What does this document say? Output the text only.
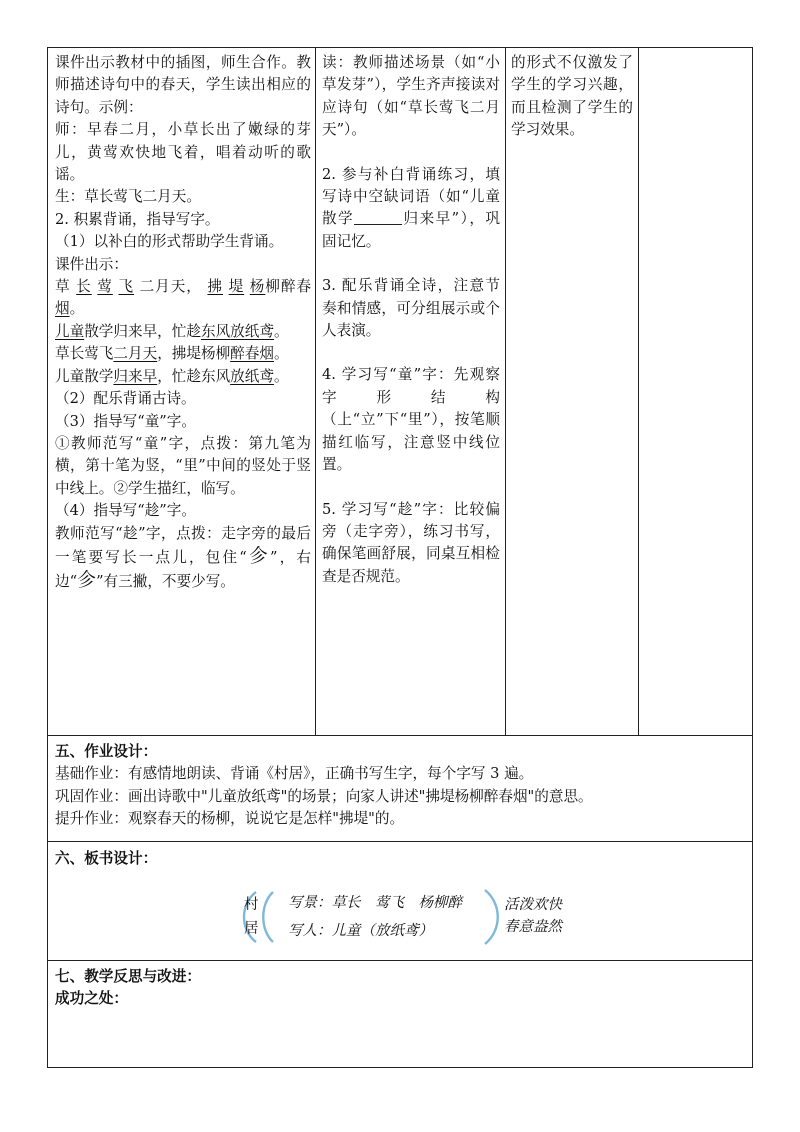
课件出示教材中的插图，师生合作。教师描述诗句中的春天，学生读出相应的诗句。示例：

师：早春二月，小草长出了嫩绿的芽儿，黄莺欢快地飞着，唱着动听的歌谣。

生：草长莺飞二月天。

2. 积累背诵，指导写字。

（1）以补白的形式帮助学生背诵。

课件出示：

草 长 莺 飞 二月天， 拂 堤 杨柳醉春 烟。

儿童散学归来早，忙趁东风放纸鸢。

草长莺飞二月天，拂堤杨柳醉春烟。

儿童散学归来早，忙趁东风放纸鸢。

（2）配乐背诵古诗。

（3）指导写“童”字。

①教师范写“童”字，点拨：第九笔为横，第十笔为竖，“里”中间的竖处于竖中线上。②学生描红，临写。

（4）指导写“趁”字。

教师范写“趁”字，点拨：走字旁的最后一笔要写长一点儿，包住“㐱”，右边“㐱”有三撇，不要少写。

读：教师描述场景（如“小草发芽”），学生齐声接读对应诗句（如“草长莺飞二月天”）。

2. 参与补白背诵练习，填写诗中空缺词语（如“儿童散学	归来早”），巩固记忆。

3. 配乐背诵全诗，注意节奏和情感，可分组展示或个人表演。

4. 学习写“童”字：先观察字形结构（上“立”下“里”），按笔顺描红临写，注意竖中线位置。

5. 学习写“趁”字：比较偏旁（走字旁），练习书写，确保笔画舒展，同桌互相检查是否规范。

的形式不仅激发了学生的学习兴趣，而且检测了学生的学习效果。

五、作业设计：

基础作业：有感情地朗读、背诵《村居》，正确书写生字，每个字写 3 遍。

巩固作业：画出诗歌中"儿童放纸鸢"的场景；向家人讲述"拂堤杨柳醉春烟"的意思。

提升作业：观察春天的杨柳，说说它是怎样"拂堤"的。

六、板书设计：

村
居
写景：草长　莺飞　杨柳醉
写人：儿童（放纸鸢）
活泼欢快
春意盎然

七、教学反思与改进：

成功之处：
